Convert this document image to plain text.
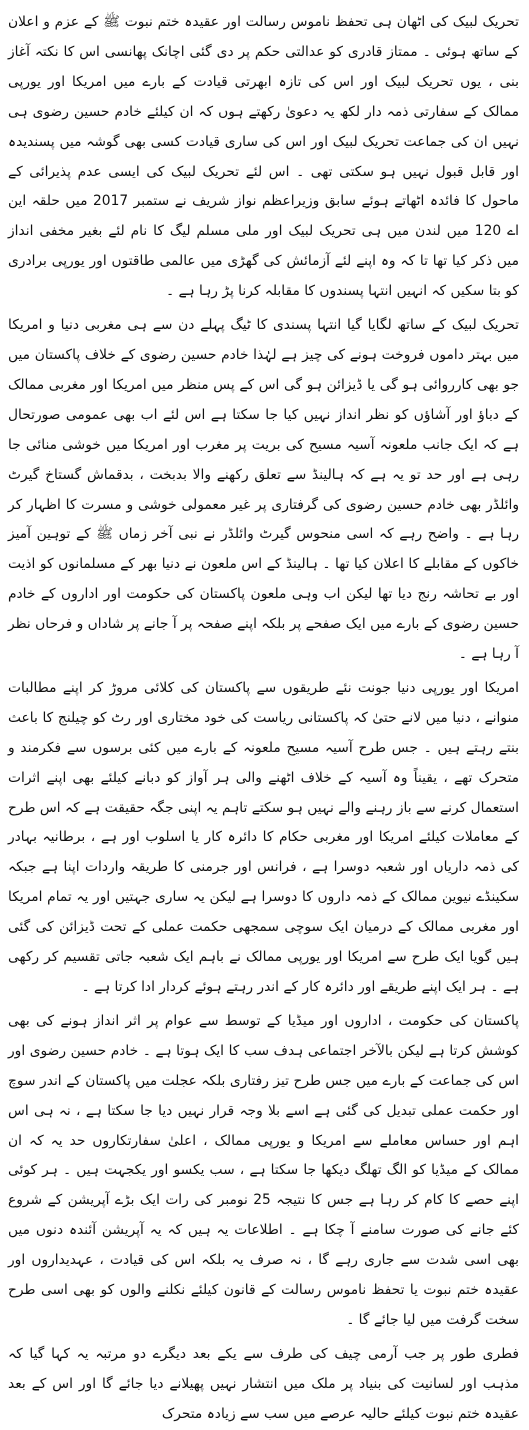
تحریک لبیک کی اٹھان ہی تحفظ ناموس رسالت اور عقیدہ ختم نبوت ﷺ کے عزم و اعلان کے ساتھ ہوئی ۔ ممتاز قادری کو عدالتی حکم پر دی گئی اچانک پھانسی اس کا نکتہ آغاز بنی ، یوں تحریک لبیک اور اس کی تازہ ابھرتی قیادت کے بارے میں امریکا اور یورپی ممالک کے سفارتی ذمہ دار لکھ یہ دعویٰ رکھتے ہوں کہ ان کیلئے خادم حسین رضوی ہی نہیں ان کی جماعت تحریک لبیک اور اس کی ساری قیادت کسی بھی گوشہ میں پسندیدہ اور قابل قبول نہیں ہو سکتی تھی ۔ اس لئے تحریک لبیک کی ایسی عدم پذیرائی کے ماحول کا فائدہ اٹھاتے ہوئے سابق وزیراعظم نواز شریف نے ستمبر 2017 میں حلقہ این اے 120 میں لندن میں ہی تحریک لبیک اور ملی مسلم لیگ کا نام لئے بغیر مخفی انداز میں ذکر کیا تھا تا کہ وہ اپنے لئے آزمائش کی گھڑی میں عالمی طاقتوں اور یورپی برادری کو بتا سکیں کہ انہیں انتہا پسندوں کا مقابلہ کرنا پڑ رہا ہے ۔

تحریک لبیک کے ساتھ لگایا گیا انتہا پسندی کا ٹیگ پہلے دن سے ہی مغربی دنیا و امریکا میں بہتر داموں فروخت ہونے کی چیز ہے لہٰذا خادم حسین رضوی کے خلاف پاکستان میں جو بھی کارروائی ہو گی یا ڈیزائن ہو گی اس کے پس منظر میں امریکا اور مغربی ممالک کے دباؤ اور آشاؤں کو نظر انداز نہیں کیا جا سکتا ہے اس لئے اب بھی عمومی صورتحال ہے کہ ایک جانب ملعونہ آسیہ مسیح کی بریت پر مغرب اور امریکا میں خوشی منائی جا رہی ہے اور حد تو یہ ہے کہ ہالینڈ سے تعلق رکھنے والا بدبخت ، بدقماش گستاخ گیرٹ وائلڈر بھی خادم حسین رضوی کی گرفتاری پر غیر معمولی خوشی و مسرت کا اظہار کر رہا ہے ۔ واضح رہے کہ اسی منحوس گیرٹ وائلڈر نے نبی آخر زماں ﷺ کے توہین آمیز خاکوں کے مقابلے کا اعلان کیا تھا ۔ ہالینڈ کے اس ملعون نے دنیا بھر کے مسلمانوں کو اذیت اور بے تحاشہ رنج دیا تھا لیکن اب وہی ملعون پاکستان کی حکومت اور اداروں کے خادم حسین رضوی کے بارے میں ایک صفحے پر بلکہ اپنے صفحہ پر آ جانے پر شاداں و فرحاں نظر آ رہا ہے ۔

امریکا اور یورپی دنیا جونت نئے طریقوں سے پاکستان کی کلائی مروڑ کر اپنے مطالبات منوانے ، دنیا میں لانے حتیٰ کہ پاکستانی ریاست کی خود مختاری اور رٹ کو چیلنج کا باعث بنتے رہتے ہیں ۔ جس طرح آسیہ مسیح ملعونہ کے بارے میں کئی برسوں سے فکرمند و متحرک تھے ، یقیناً وہ آسیہ کے خلاف اٹھنے والی ہر آواز کو دبانے کیلئے بھی اپنے اثرات استعمال کرنے سے باز رہنے والے نہیں ہو سکتے تاہم یہ اپنی جگہ حقیقت ہے کہ اس طرح کے معاملات کیلئے امریکا اور مغربی حکام کا دائرہ کار یا اسلوب اور ہے ، برطانیہ بہادر کی ذمہ داریاں اور شعبہ دوسرا ہے ، فرانس اور جرمنی کا طریقہ واردات اپنا ہے جبکہ سکینڈے نیوین ممالک کے ذمہ داروں کا دوسرا ہے لیکن یہ ساری جہتیں اور یہ تمام امریکا اور مغربی ممالک کے درمیان ایک سوچی سمجھی حکمت عملی کے تحت ڈیزائن کی گئی ہیں گویا ایک طرح سے امریکا اور یورپی ممالک نے باہم ایک شعبہ جاتی تقسیم کر رکھی ہے ۔ ہر ایک اپنے طریقے اور دائرہ کار کے اندر رہتے ہوئے کردار ادا کرتا ہے ۔

پاکستان کی حکومت ، اداروں اور میڈیا کے توسط سے عوام پر اثر انداز ہونے کی بھی کوشش کرتا ہے لیکن بالآخر اجتماعی ہدف سب کا ایک ہوتا ہے ۔ خادم حسین رضوی اور اس کی جماعت کے بارے میں جس طرح تیز رفتاری بلکہ عجلت میں پاکستان کے اندر سوچ اور حکمت عملی تبدیل کی گئی ہے اسے بلا وجہ قرار نہیں دیا جا سکتا ہے ، نہ ہی اس اہم اور حساس معاملے سے امریکا و یورپی ممالک ، اعلیٰ سفارتکاروں حد یہ کہ ان ممالک کے میڈیا کو الگ تھلگ دیکھا جا سکتا ہے ، سب یکسو اور یکجہت ہیں ۔ ہر کوئی اپنے حصے کا کام کر رہا ہے جس کا نتیجہ 25 نومبر کی رات ایک بڑے آپریشن کے شروع کئے جانے کی صورت سامنے آ چکا ہے ۔ اطلاعات یہ ہیں کہ یہ آپریشن آئندہ دنوں میں بھی اسی شدت سے جاری رہے گا ، نہ صرف یہ بلکہ اس کی قیادت ، عہدیداروں اور عقیدہ ختم نبوت یا تحفظ ناموس رسالت کے قانون کیلئے نکلنے والوں کو بھی اسی طرح سخت گرفت میں لیا جائے گا ۔

فطری طور پر جب آرمی چیف کی طرف سے یکے بعد دیگرے دو مرتبہ یہ کہا گیا کہ مذہب اور لسانیت کی بنیاد پر ملک میں انتشار نہیں پھیلانے دیا جائے گا اور اس کے بعد عقیدہ ختم نبوت کیلئے حالیہ عرصے میں سب سے زیادہ متحرک
